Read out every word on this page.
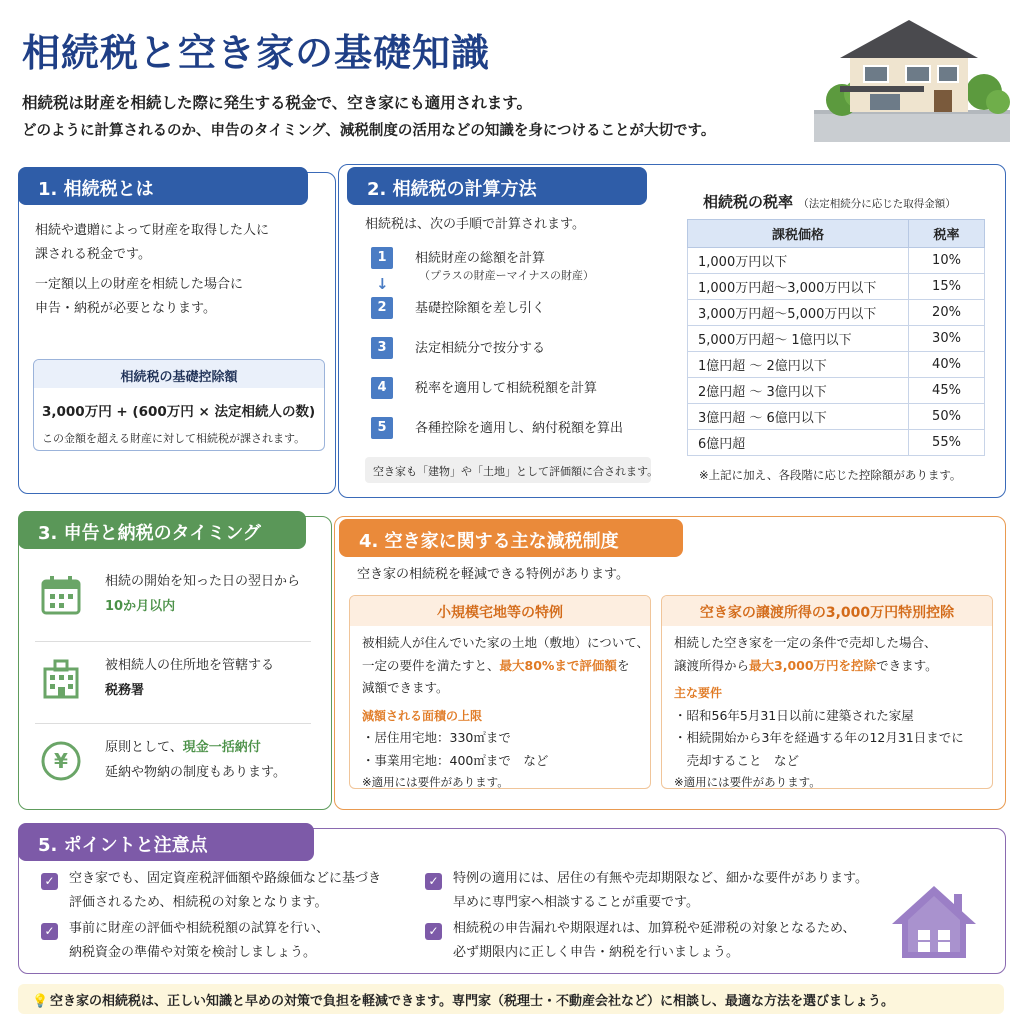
相続税と空き家の基礎知識
相続税は財産を相続した際に発生する税金で、空き家にも適用されます。
どのように計算されるのか、申告のタイミング、減税制度の活用などの知識を身につけることが大切です。
1. 相続税とは
相続や遺贈によって財産を取得した人に
課される税金です。
一定額以上の財産を相続した場合に
申告・納税が必要となります。
相続税の基礎控除額
3,000万円 + (600万円 × 法定相続人の数)
この金額を超える財産に対して相続税が課されます。
2. 相続税の計算方法
相続税は、次の手順で計算されます。
1	相続財産の総額を計算
（プラスの財産ーマイナスの財産）
↓
2	基礎控除額を差し引く
3	法定相続分で按分する
4	税率を適用して相続税額を計算
5	各種控除を適用し、納付税額を算出
空き家も「建物」や「土地」として評価額に合されます。
相続税の税率 （法定相続分に応じた取得金額）
課税価格	税率
1,000万円以下	10%
1,000万円超～3,000万円以下	15%
3,000万円超～5,000万円以下	20%
5,000万円超～ 1億円以下	30%
1億円超 ～ 2億円以下	40%
2億円超 ～ 3億円以下	45%
3億円超 ～ 6億円以下	50%
6億円超	55%
※上記に加え、各段階に応じた控除額があります。
3. 申告と納税のタイミング
相続の開始を知った日の翌日から
10か月以内
被相続人の住所地を管轄する
税務署
¥
原則として、現金一括納付
延納や物納の制度もあります。
4. 空き家に関する主な減税制度
空き家の相続税を軽減できる特例があります。
小規模宅地等の特例
被相続人が住んでいた家の土地（敷地）について、
一定の要件を満たすと、最大80%まで評価額を
減額できます。
減額される面積の上限
・居住用宅地：330㎡まで
・事業用宅地：400㎡まで　など
※適用には要件があります。
空き家の譲渡所得の3,000万円特別控除
相続した空き家を一定の条件で売却した場合、
譲渡所得から最大3,000万円を控除できます。
主な要件
・昭和56年5月31日以前に建築された家屋
・相続開始から3年を経過する年の12月31日までに
　売却すること　など
※適用には要件があります。
5. ポイントと注意点
✓ 空き家でも、固定資産税評価額や路線価などに基づき
評価されるため、相続税の対象となります。
✓ 事前に財産の評価や相続税額の試算を行い、
納税資金の準備や対策を検討しましょう。
✓ 特例の適用には、居住の有無や売却期限など、細かな要件があります。
早めに専門家へ相談することが重要です。
✓ 相続税の申告漏れや期限遅れは、加算税や延滞税の対象となるため、
必ず期限内に正しく申告・納税を行いましょう。
💡 空き家の相続税は、正しい知識と早めの対策で負担を軽減できます。専門家（税理士・不動産会社など）に相談し、最適な方法を選びましょう。
